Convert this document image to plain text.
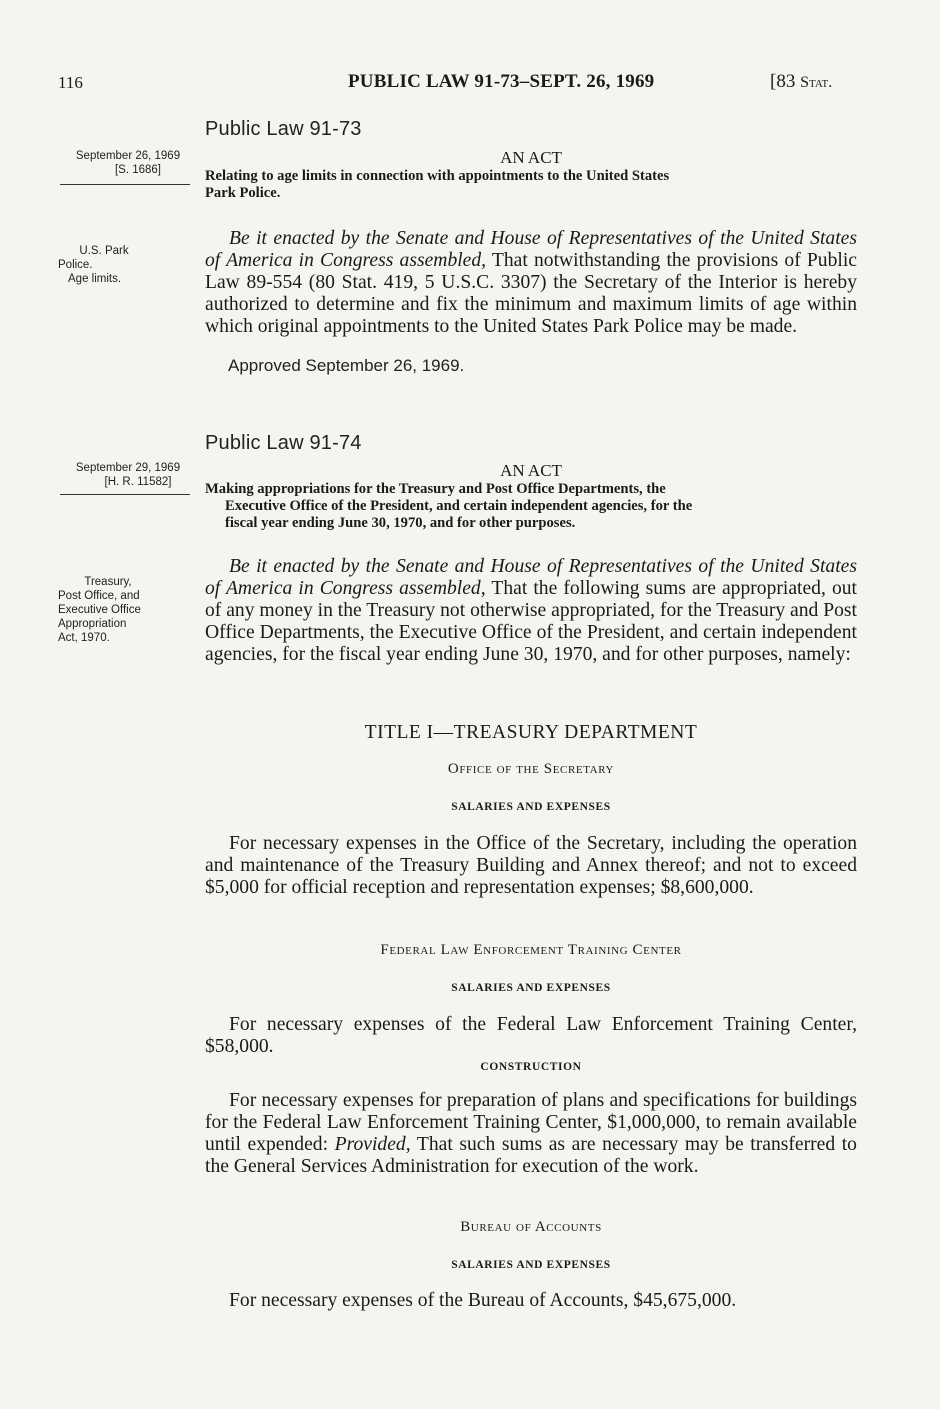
116	PUBLIC LAW 91-73–SEPT. 26, 1969	[83 Stat.
Public Law 91-73
September 26, 1969
[S. 1686]
AN ACT
Relating to age limits in connection with appointments to the United States

Park Police.
U.S. Park
Police.
Age limits.
Be it enacted by the Senate and House of Representatives of the United States of America in Congress assembled, That notwithstanding the provisions of Public Law 89-554 (80 Stat. 419, 5 U.S.C. 3307) the Secretary of the Interior is hereby authorized to determine and fix the minimum and maximum limits of age within which original appointments to the United States Park Police may be made.
Approved September 26, 1969.
Public Law 91-74
September 29, 1969
[H. R. 11582]
AN ACT
Making appropriations for the Treasury and Post Office Departments, the

Executive Office of the President, and certain independent agencies, for the
fiscal year ending June 30, 1970, and for other purposes.
Treasury,
Post Office, and
Executive Office
Appropriation
Act, 1970.
Be it enacted by the Senate and House of Representatives of the United States of America in Congress assembled, That the following sums are appropriated, out of any money in the Treasury not otherwise appropriated, for the Treasury and Post Office Departments, the Executive Office of the President, and certain independent agencies, for the fiscal year ending June 30, 1970, and for other purposes, namely:
TITLE I—TREASURY DEPARTMENT
Office of the Secretary
SALARIES AND EXPENSES
For necessary expenses in the Office of the Secretary, including the operation and maintenance of the Treasury Building and Annex thereof; and not to exceed $5,000 for official reception and representation expenses; $8,600,000.
Federal Law Enforcement Training Center
SALARIES AND EXPENSES
For necessary expenses of the Federal Law Enforcement Training Center, $58,000.
CONSTRUCTION
For necessary expenses for preparation of plans and specifications for buildings for the Federal Law Enforcement Training Center, $1,000,000, to remain available until expended: Provided, That such sums as are necessary may be transferred to the General Services Administration for execution of the work.
Bureau of Accounts
SALARIES AND EXPENSES
For necessary expenses of the Bureau of Accounts, $45,675,000.
